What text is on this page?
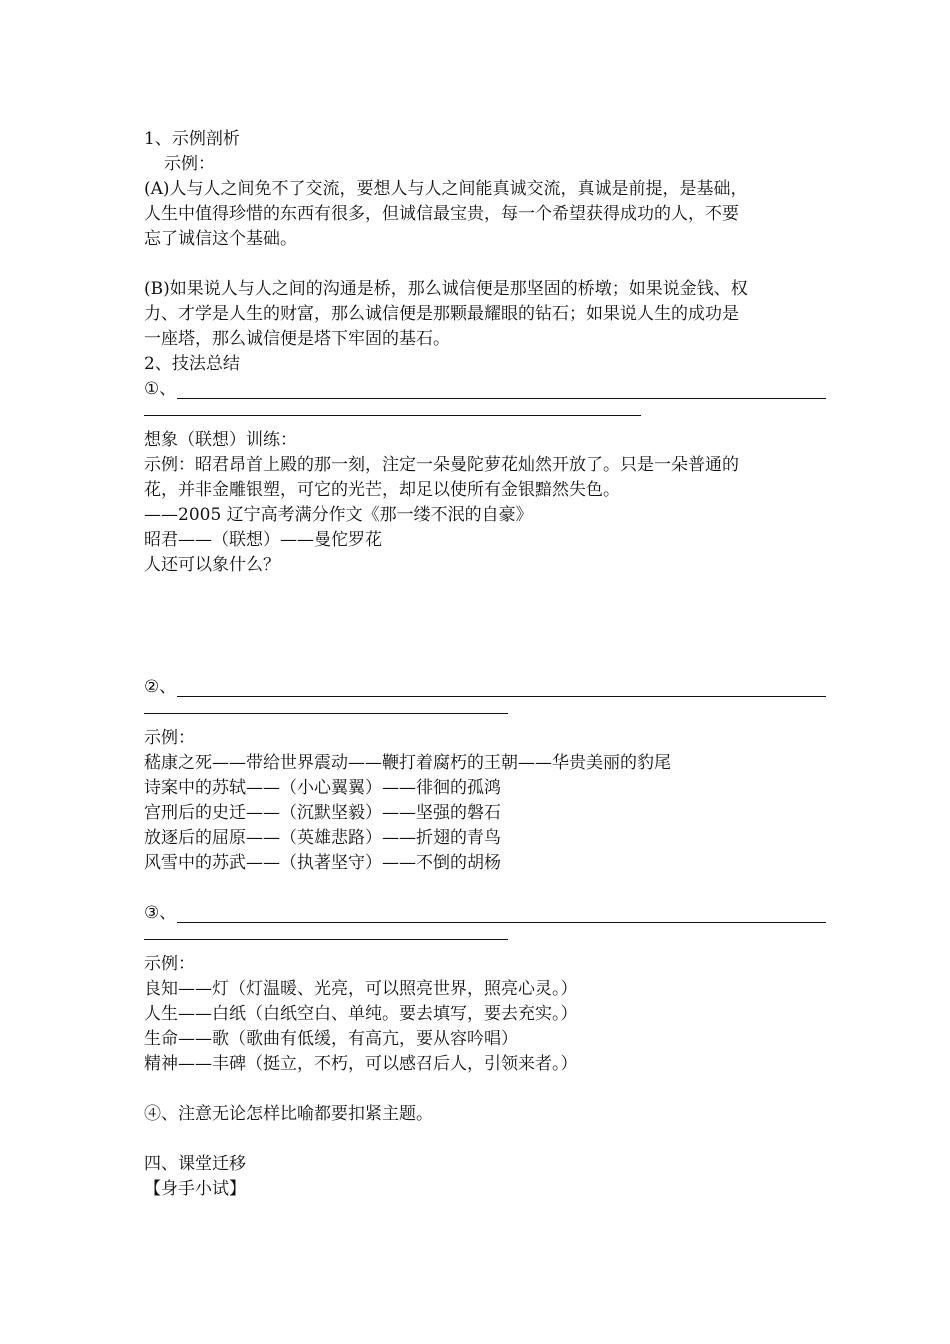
1、示例剖析
示例：
(A)人与人之间免不了交流，要想人与人之间能真诚交流，真诚是前提，是基础，
人生中值得珍惜的东西有很多，但诚信最宝贵，每一个希望获得成功的人，不要
忘了诚信这个基础。
(B)如果说人与人之间的沟通是桥，那么诚信便是那坚固的桥墩；如果说金钱、权
力、才学是人生的财富，那么诚信便是那颗最耀眼的钻石；如果说人生的成功是
一座塔，那么诚信便是塔下牢固的基石。
2、技法总结
①、
想象（联想）训练：
示例：昭君昂首上殿的那一刻，注定一朵曼陀萝花灿然开放了。只是一朵普通的
花，并非金雕银塑，可它的光芒，却足以使所有金银黯然失色。
——2005 辽宁高考满分作文《那一缕不泯的自豪》
昭君——（联想）——曼佗罗花
人还可以象什么？
②、
示例：
嵇康之死——带给世界震动——鞭打着腐朽的王朝——华贵美丽的豹尾
诗案中的苏轼——（小心翼翼）——徘徊的孤鸿
宫刑后的史迁——（沉默坚毅）——坚强的磐石
放逐后的屈原——（英雄悲路）——折翅的青鸟
风雪中的苏武——（执著坚守）——不倒的胡杨
③、
示例：
良知——灯（灯温暖、光亮，可以照亮世界，照亮心灵。）
人生——白纸（白纸空白、单纯。要去填写，要去充实。）
生命——歌（歌曲有低缓，有高亢，要从容吟唱）
精神——丰碑（挺立，不朽，可以感召后人，引领来者。）
④、注意无论怎样比喻都要扣紧主题。
四、课堂迁移
【身手小试】
